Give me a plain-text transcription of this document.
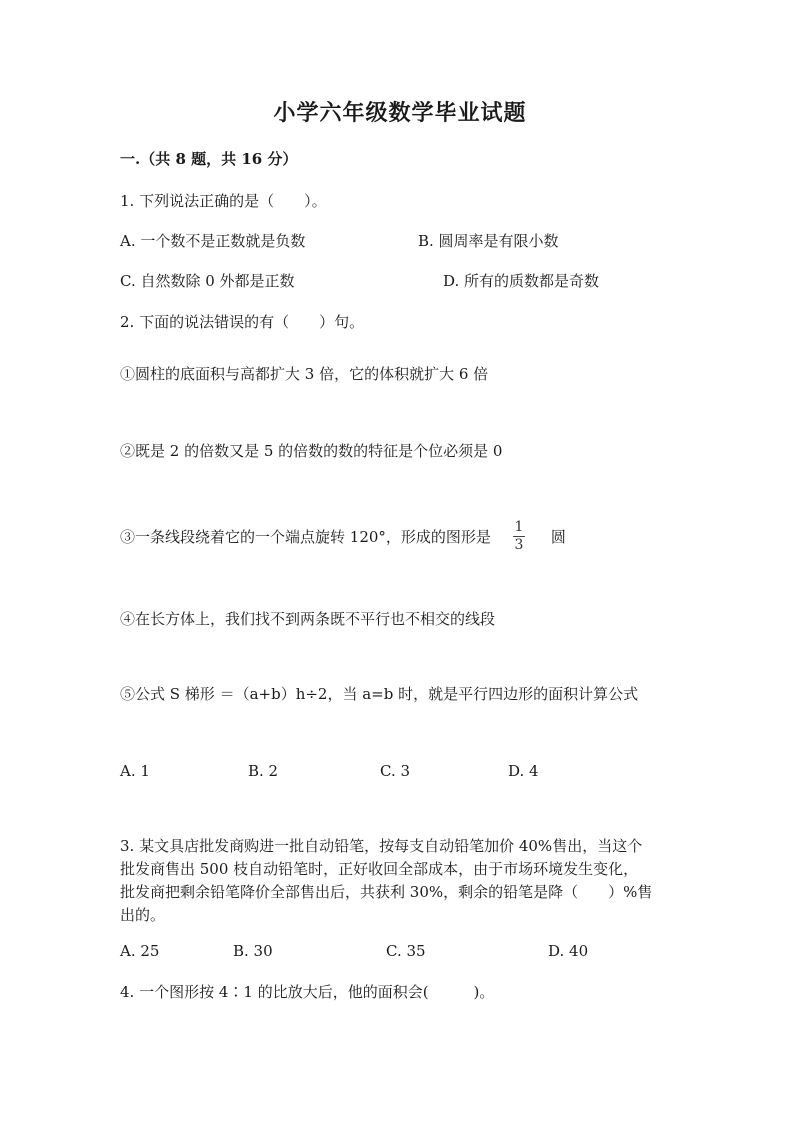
小学六年级数学毕业试题
一.（共 8 题，共 16 分）
1. 下列说法正确的是（　　）。
A. 一个数不是正数就是负数	B. 圆周率是有限小数
C. 自然数除 0 外都是正数	D. 所有的质数都是奇数
2. 下面的说法错误的有（　　）句。
①圆柱的底面积与高都扩大 3 倍，它的体积就扩大 6 倍
②既是 2 的倍数又是 5 的倍数的数的特征是个位必须是 0
③一条线段绕着它的一个端点旋转 120°，形成的图形是 $\frac{1}{3}$ 圆
④在长方体上，我们找不到两条既不平行也不相交的线段
⑤公式 S 梯形 ＝（a+b）h÷2，当 a=b 时，就是平行四边形的面积计算公式
A. 1	B. 2	C. 3	D. 4
3. 某文具店批发商购进一批自动铅笔，按每支自动铅笔加价 40%售出，当这个
批发商售出 500 枝自动铅笔时，正好收回全部成本，由于市场环境发生变化，
批发商把剩余铅笔降价全部售出后，共获利 30%，剩余的铅笔是降（　　）%售
出的。
A. 25	B. 30	C. 35	D. 40
4. 一个图形按 4∶1 的比放大后，他的面积会(　　　)。
